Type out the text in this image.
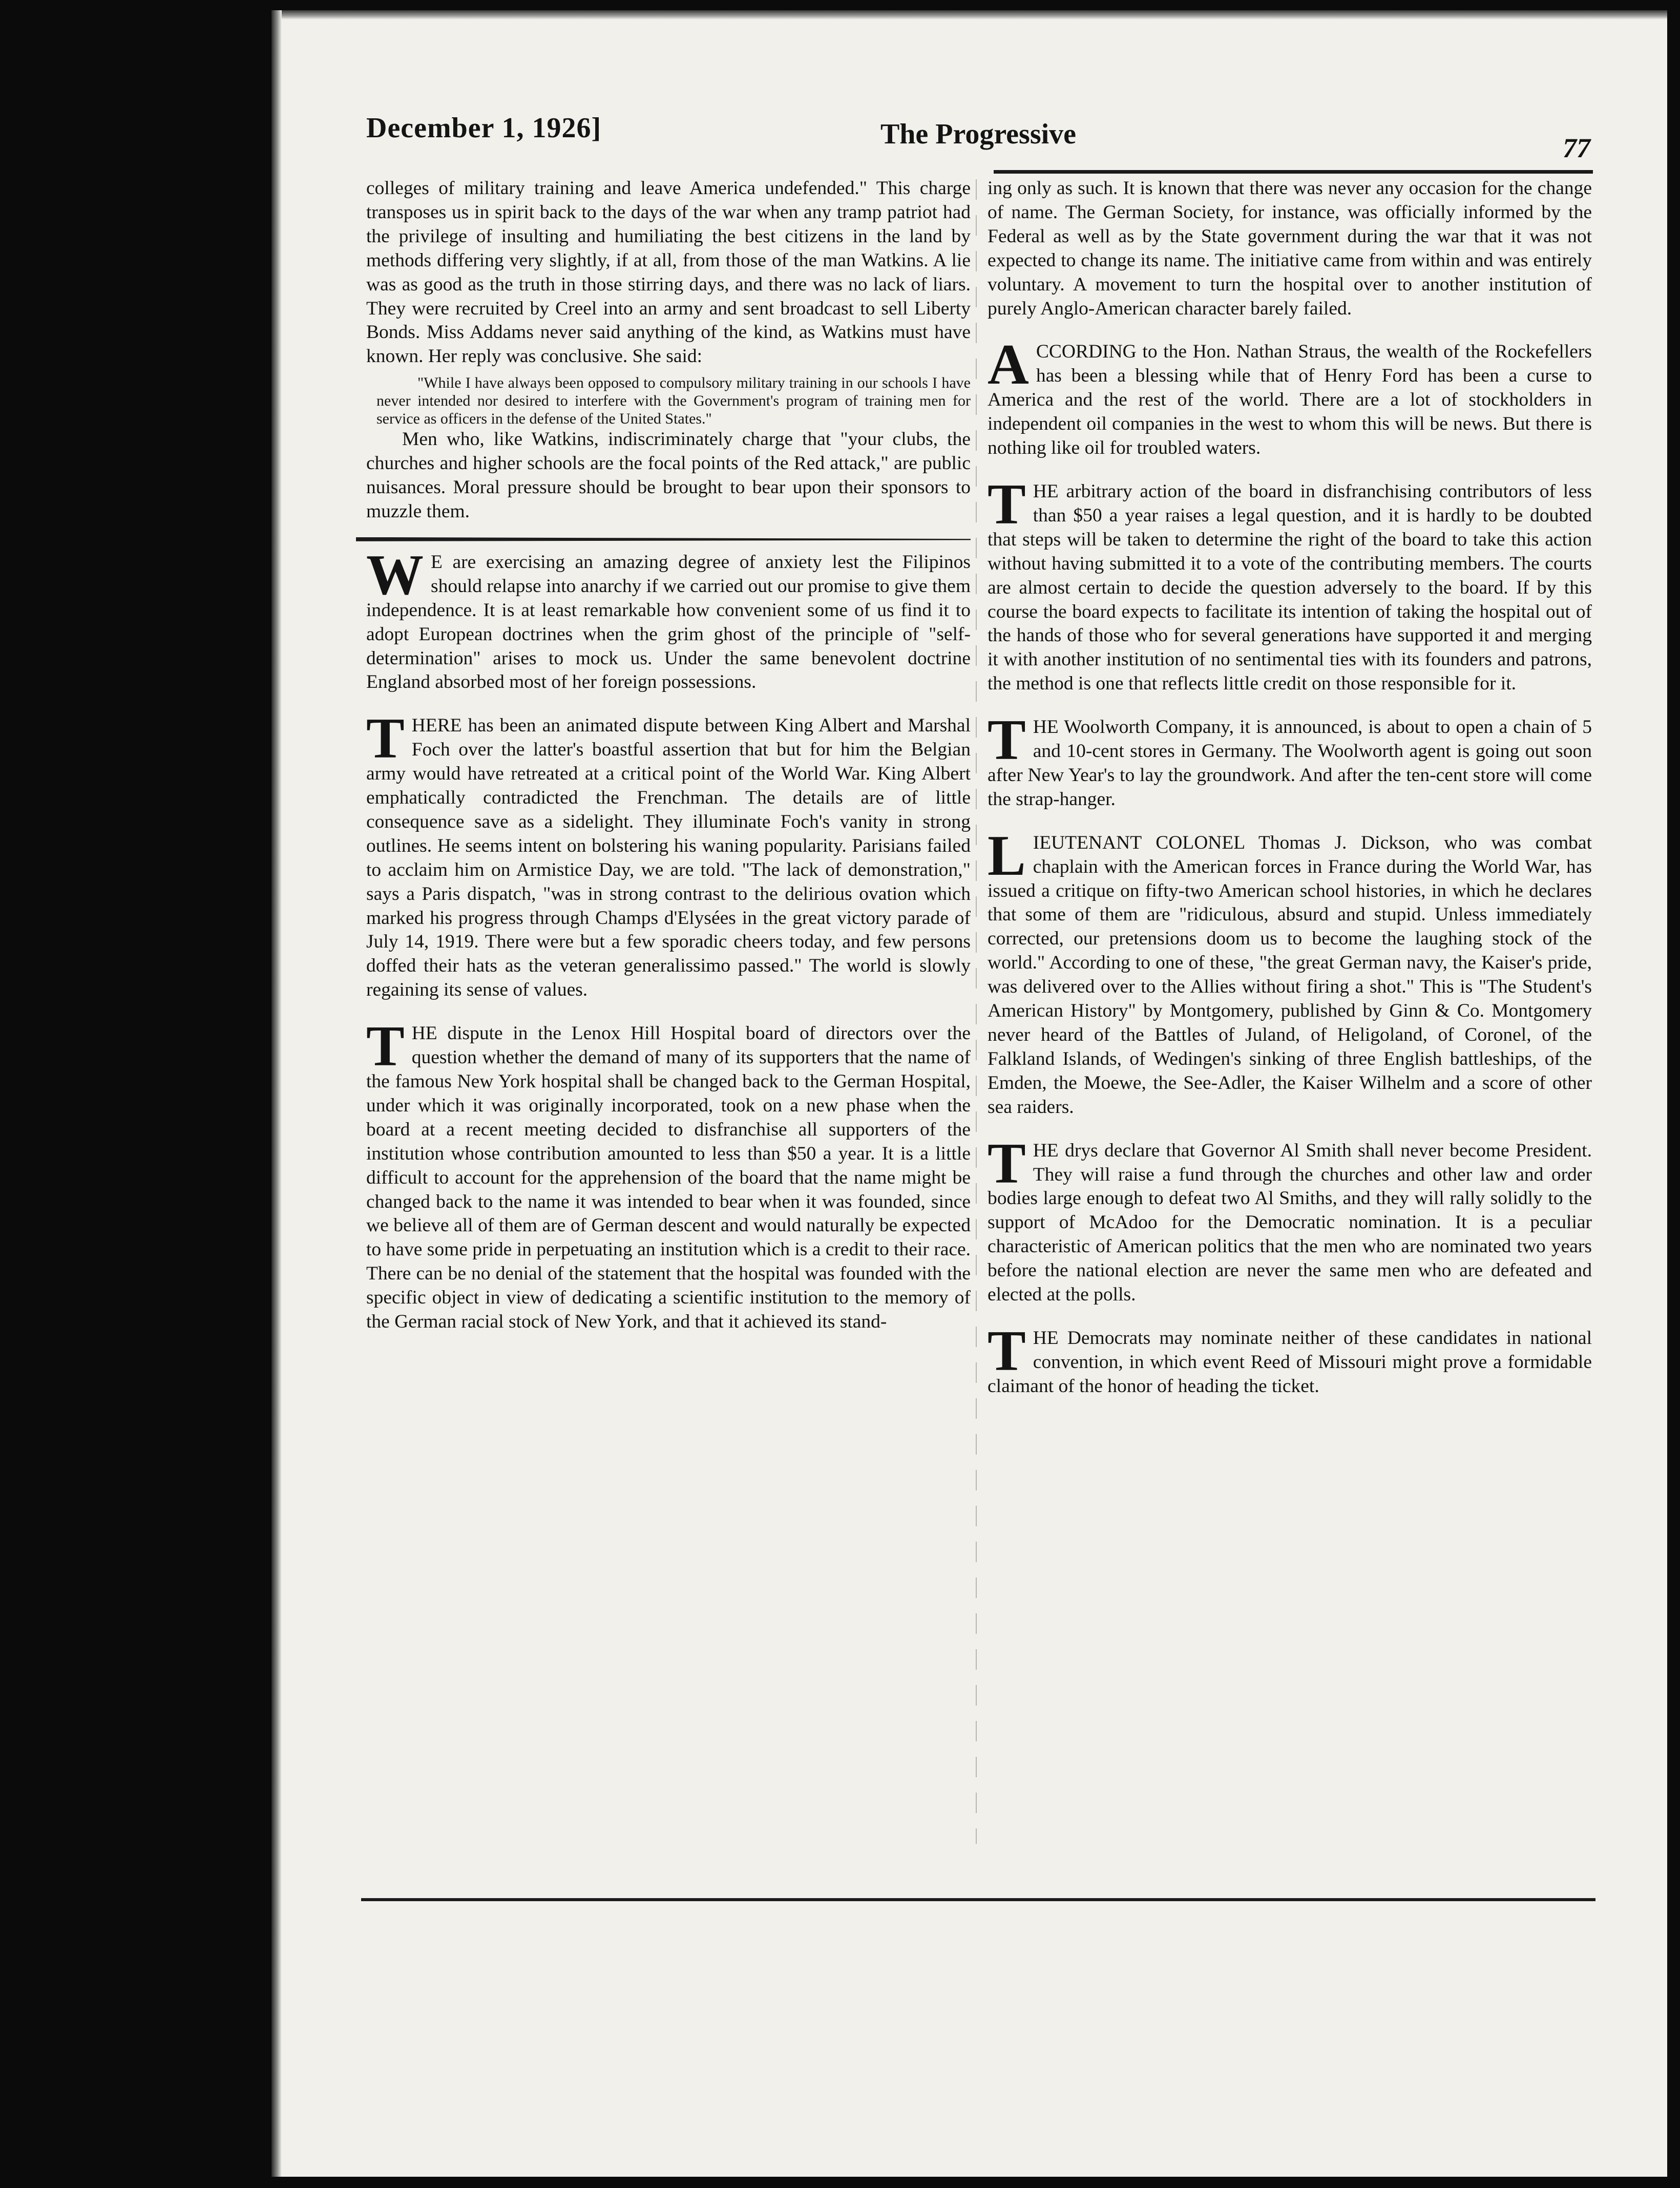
December 1, 1926]	The Progressive	77

colleges of military training and leave America undefended." This charge transposes us in spirit back to the days of the war when any tramp patriot had the privilege of insulting and humiliating the best citizens in the land by methods differing very slightly, if at all, from those of the man Watkins. A lie was as good as the truth in those stirring days, and there was no lack of liars. They were recruited by Creel into an army and sent broadcast to sell Liberty Bonds. Miss Addams never said anything of the kind, as Watkins must have known. Her reply was conclusive. She said:

"While I have always been opposed to compulsory military training in our schools I have never intended nor desired to interfere with the Government's program of training men for service as officers in the defense of the United States."

Men who, like Watkins, indiscriminately charge that "your clubs, the churches and higher schools are the focal points of the Red attack," are public nuisances. Moral pressure should be brought to bear upon their sponsors to muzzle them.

W E are exercising an amazing degree of anxiety lest the Filipinos should relapse into anarchy if we carried out our promise to give them independence. It is at least remarkable how convenient some of us find it to adopt European doctrines when the grim ghost of the principle of "self-determination" arises to mock us. Under the same benevolent doctrine England absorbed most of her foreign possessions.

T HERE has been an animated dispute between King Albert and Marshal Foch over the latter's boastful assertion that but for him the Belgian army would have retreated at a critical point of the World War. King Albert emphatically contradicted the Frenchman. The details are of little consequence save as a sidelight. They illuminate Foch's vanity in strong outlines. He seems intent on bolstering his waning popularity. Parisians failed to acclaim him on Armistice Day, we are told. "The lack of demonstration," says a Paris dispatch, "was in strong contrast to the delirious ovation which marked his progress through Champs d'Elysées in the great victory parade of July 14, 1919. There were but a few sporadic cheers today, and few persons doffed their hats as the veteran generalissimo passed." The world is slowly regaining its sense of values.

T HE dispute in the Lenox Hill Hospital board of directors over the question whether the demand of many of its supporters that the name of the famous New York hospital shall be changed back to the German Hospital, under which it was originally incorporated, took on a new phase when the board at a recent meeting decided to disfranchise all supporters of the institution whose contribution amounted to less than $50 a year. It is a little difficult to account for the apprehension of the board that the name might be changed back to the name it was intended to bear when it was founded, since we believe all of them are of German descent and would naturally be expected to have some pride in perpetuating an institution which is a credit to their race. There can be no denial of the statement that the hospital was founded with the specific object in view of dedicating a scientific institution to the memory of the German racial stock of New York, and that it achieved its stand-

ing only as such. It is known that there was never any occasion for the change of name. The German Society, for instance, was officially informed by the Federal as well as by the State government during the war that it was not expected to change its name. The initiative came from within and was entirely voluntary. A movement to turn the hospital over to another institution of purely Anglo-American character barely failed.

A CCORDING to the Hon. Nathan Straus, the wealth of the Rockefellers has been a blessing while that of Henry Ford has been a curse to America and the rest of the world. There are a lot of stockholders in independent oil companies in the west to whom this will be news. But there is nothing like oil for troubled waters.

T HE arbitrary action of the board in disfranchising contributors of less than $50 a year raises a legal question, and it is hardly to be doubted that steps will be taken to determine the right of the board to take this action without having submitted it to a vote of the contributing members. The courts are almost certain to decide the question adversely to the board. If by this course the board expects to facilitate its intention of taking the hospital out of the hands of those who for several generations have supported it and merging it with another institution of no sentimental ties with its founders and patrons, the method is one that reflects little credit on those responsible for it.

T HE Woolworth Company, it is announced, is about to open a chain of 5 and 10-cent stores in Germany. The Woolworth agent is going out soon after New Year's to lay the groundwork. And after the ten-cent store will come the strap-hanger.

L IEUTENANT COLONEL Thomas J. Dickson, who was combat chaplain with the American forces in France during the World War, has issued a critique on fifty-two American school histories, in which he declares that some of them are "ridiculous, absurd and stupid. Unless immediately corrected, our pretensions doom us to become the laughing stock of the world." According to one of these, "the great German navy, the Kaiser's pride, was delivered over to the Allies without firing a shot." This is "The Student's American History" by Montgomery, published by Ginn & Co. Montgomery never heard of the Battles of Juland, of Heligoland, of Coronel, of the Falkland Islands, of Wedingen's sinking of three English battleships, of the Emden, the Moewe, the See-Adler, the Kaiser Wilhelm and a score of other sea raiders.

T HE drys declare that Governor Al Smith shall never become President. They will raise a fund through the churches and other law and order bodies large enough to defeat two Al Smiths, and they will rally solidly to the support of McAdoo for the Democratic nomination. It is a peculiar characteristic of American politics that the men who are nominated two years before the national election are never the same men who are defeated and elected at the polls.

T HE Democrats may nominate neither of these candidates in national convention, in which event Reed of Missouri might prove a formidable claimant of the honor of heading the ticket.
